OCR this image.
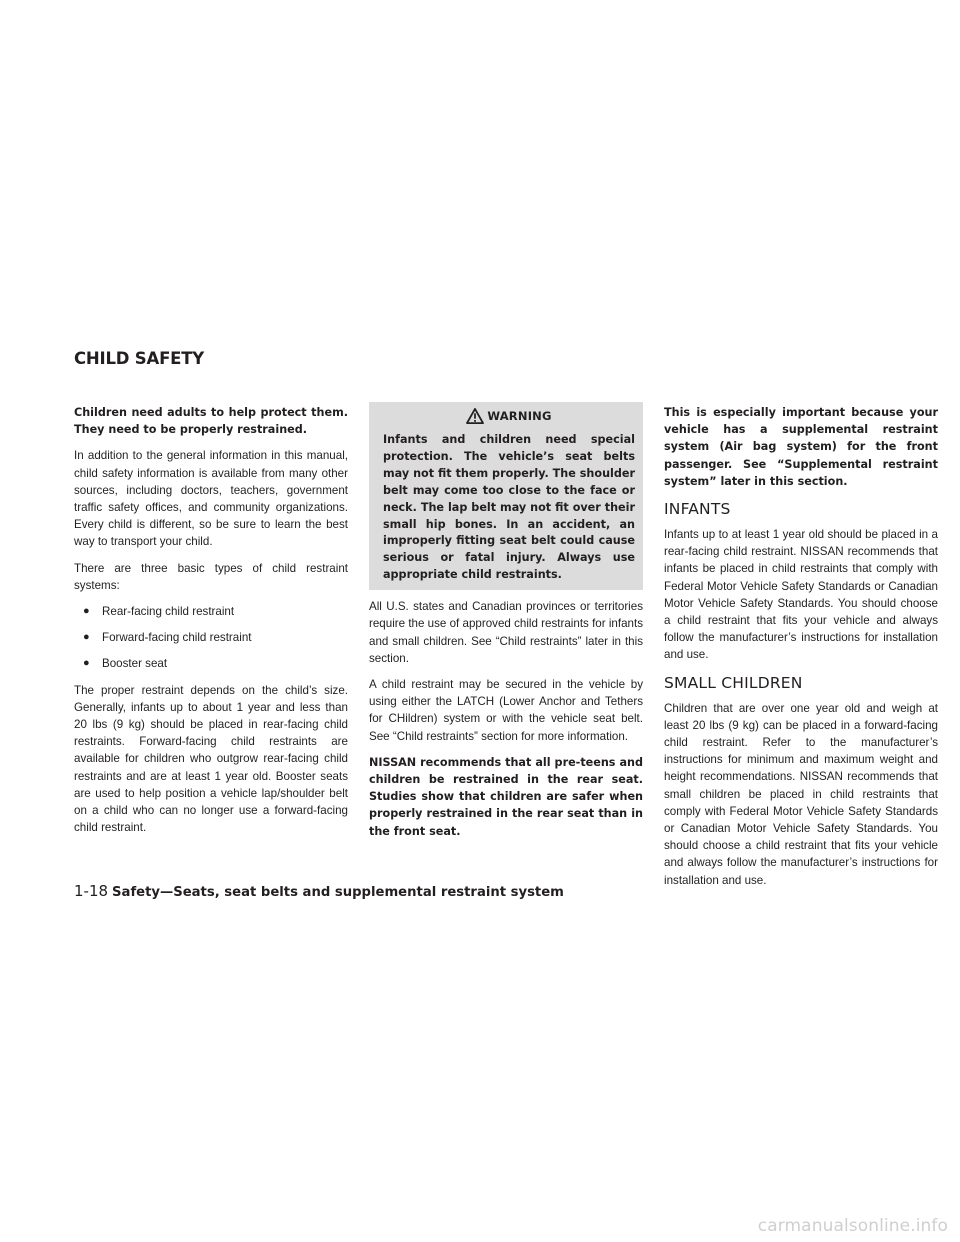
CHILD SAFETY

Children need adults to help protect them. They need to be properly restrained.

In addition to the general information in this manual, child safety information is available from many other sources, including doctors, teachers, government traffic safety offices, and community organizations. Every child is different, so be sure to learn the best way to transport your child.

There are three basic types of child restraint systems:

● Rear-facing child restraint
● Forward-facing child restraint
● Booster seat

The proper restraint depends on the child’s size. Generally, infants up to about 1 year and less than 20 lbs (9 kg) should be placed in rear-facing child restraints. Forward-facing child restraints are available for children who outgrow rear-facing child restraints and are at least 1 year old. Booster seats are used to help position a vehicle lap/shoulder belt on a child who can no longer use a forward-facing child restraint.

WARNING

Infants and children need special protection. The vehicle’s seat belts may not fit them properly. The shoulder belt may come too close to the face or neck. The lap belt may not fit over their small hip bones. In an accident, an improperly fitting seat belt could cause serious or fatal injury. Always use appropriate child restraints.

All U.S. states and Canadian provinces or territories require the use of approved child restraints for infants and small children. See “Child restraints” later in this section.

A child restraint may be secured in the vehicle by using either the LATCH (Lower Anchor and Tethers for CHildren) system or with the vehicle seat belt. See “Child restraints” section for more information.

NISSAN recommends that all pre-teens and children be restrained in the rear seat. Studies show that children are safer when properly restrained in the rear seat than in the front seat.

This is especially important because your vehicle has a supplemental restraint system (Air bag system) for the front passenger. See “Supplemental restraint system” later in this section.

INFANTS

Infants up to at least 1 year old should be placed in a rear-facing child restraint. NISSAN recommends that infants be placed in child restraints that comply with Federal Motor Vehicle Safety Standards or Canadian Motor Vehicle Safety Standards. You should choose a child restraint that fits your vehicle and always follow the manufacturer’s instructions for installation and use.

SMALL CHILDREN

Children that are over one year old and weigh at least 20 lbs (9 kg) can be placed in a forward-facing child restraint. Refer to the manufacturer’s instructions for minimum and maximum weight and height recommendations. NISSAN recommends that small children be placed in child restraints that comply with Federal Motor Vehicle Safety Standards or Canadian Motor Vehicle Safety Standards. You should choose a child restraint that fits your vehicle and always follow the manufacturer’s instructions for installation and use.

1-18 Safety—Seats, seat belts and supplemental restraint system
carmanualsonline.info
